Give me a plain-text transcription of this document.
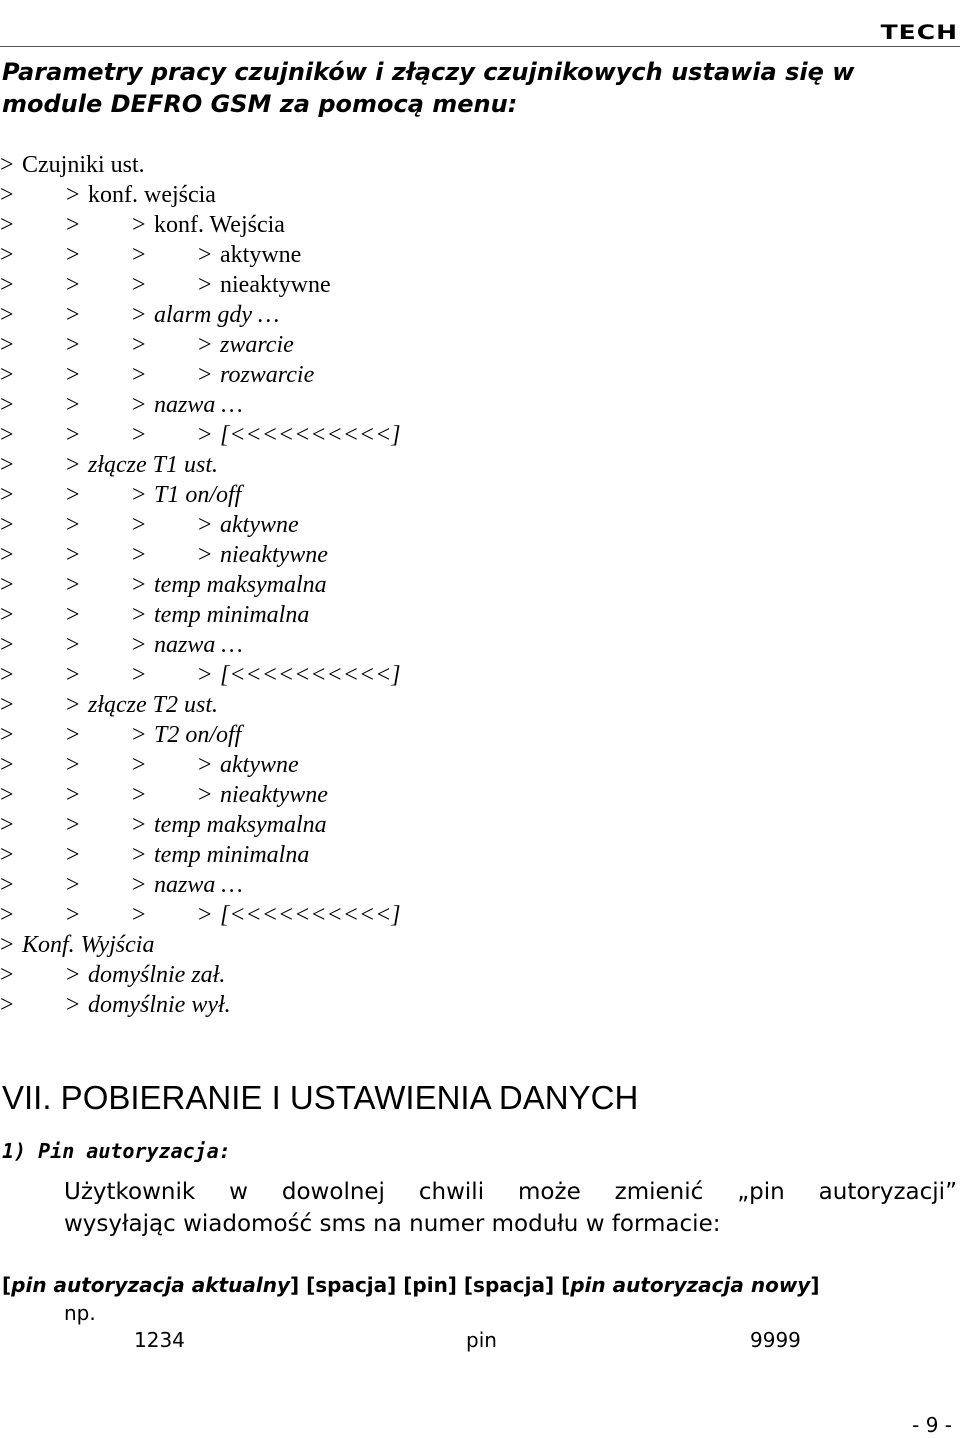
TECH
Parametry pracy czujników i złączy czujnikowych ustawia się w
module DEFRO GSM za pomocą menu:
> Czujniki ust.
> > konf. wejścia
> > > konf. Wejścia
> > > > aktywne
> > > > nieaktywne
> > > alarm gdy …
> > > > zwarcie
> > > > rozwarcie
> > > nazwa …
> > > > [<<<<<<<<<<]
> > złącze T1 ust.
> > > T1 on/off
> > > > aktywne
> > > > nieaktywne
> > > temp maksymalna
> > > temp minimalna
> > > nazwa …
> > > > [<<<<<<<<<<]
> > złącze T2 ust.
> > > T2 on/off
> > > > aktywne
> > > > nieaktywne
> > > temp maksymalna
> > > temp minimalna
> > > nazwa …
> > > > [<<<<<<<<<<]
> Konf. Wyjścia
> > domyślnie zał.
> > domyślnie wył.
VII. POBIERANIE I USTAWIENIA DANYCH
1) Pin autoryzacja:
Użytkownik w dowolnej chwili może zmienić „pin autoryzacji”
wysyłając wiadomość sms na numer modułu w formacie:
[pin autoryzacja aktualny] [spacja] [pin] [spacja] [pin autoryzacja nowy]
np.
1234	pin	9999
- 9 -
